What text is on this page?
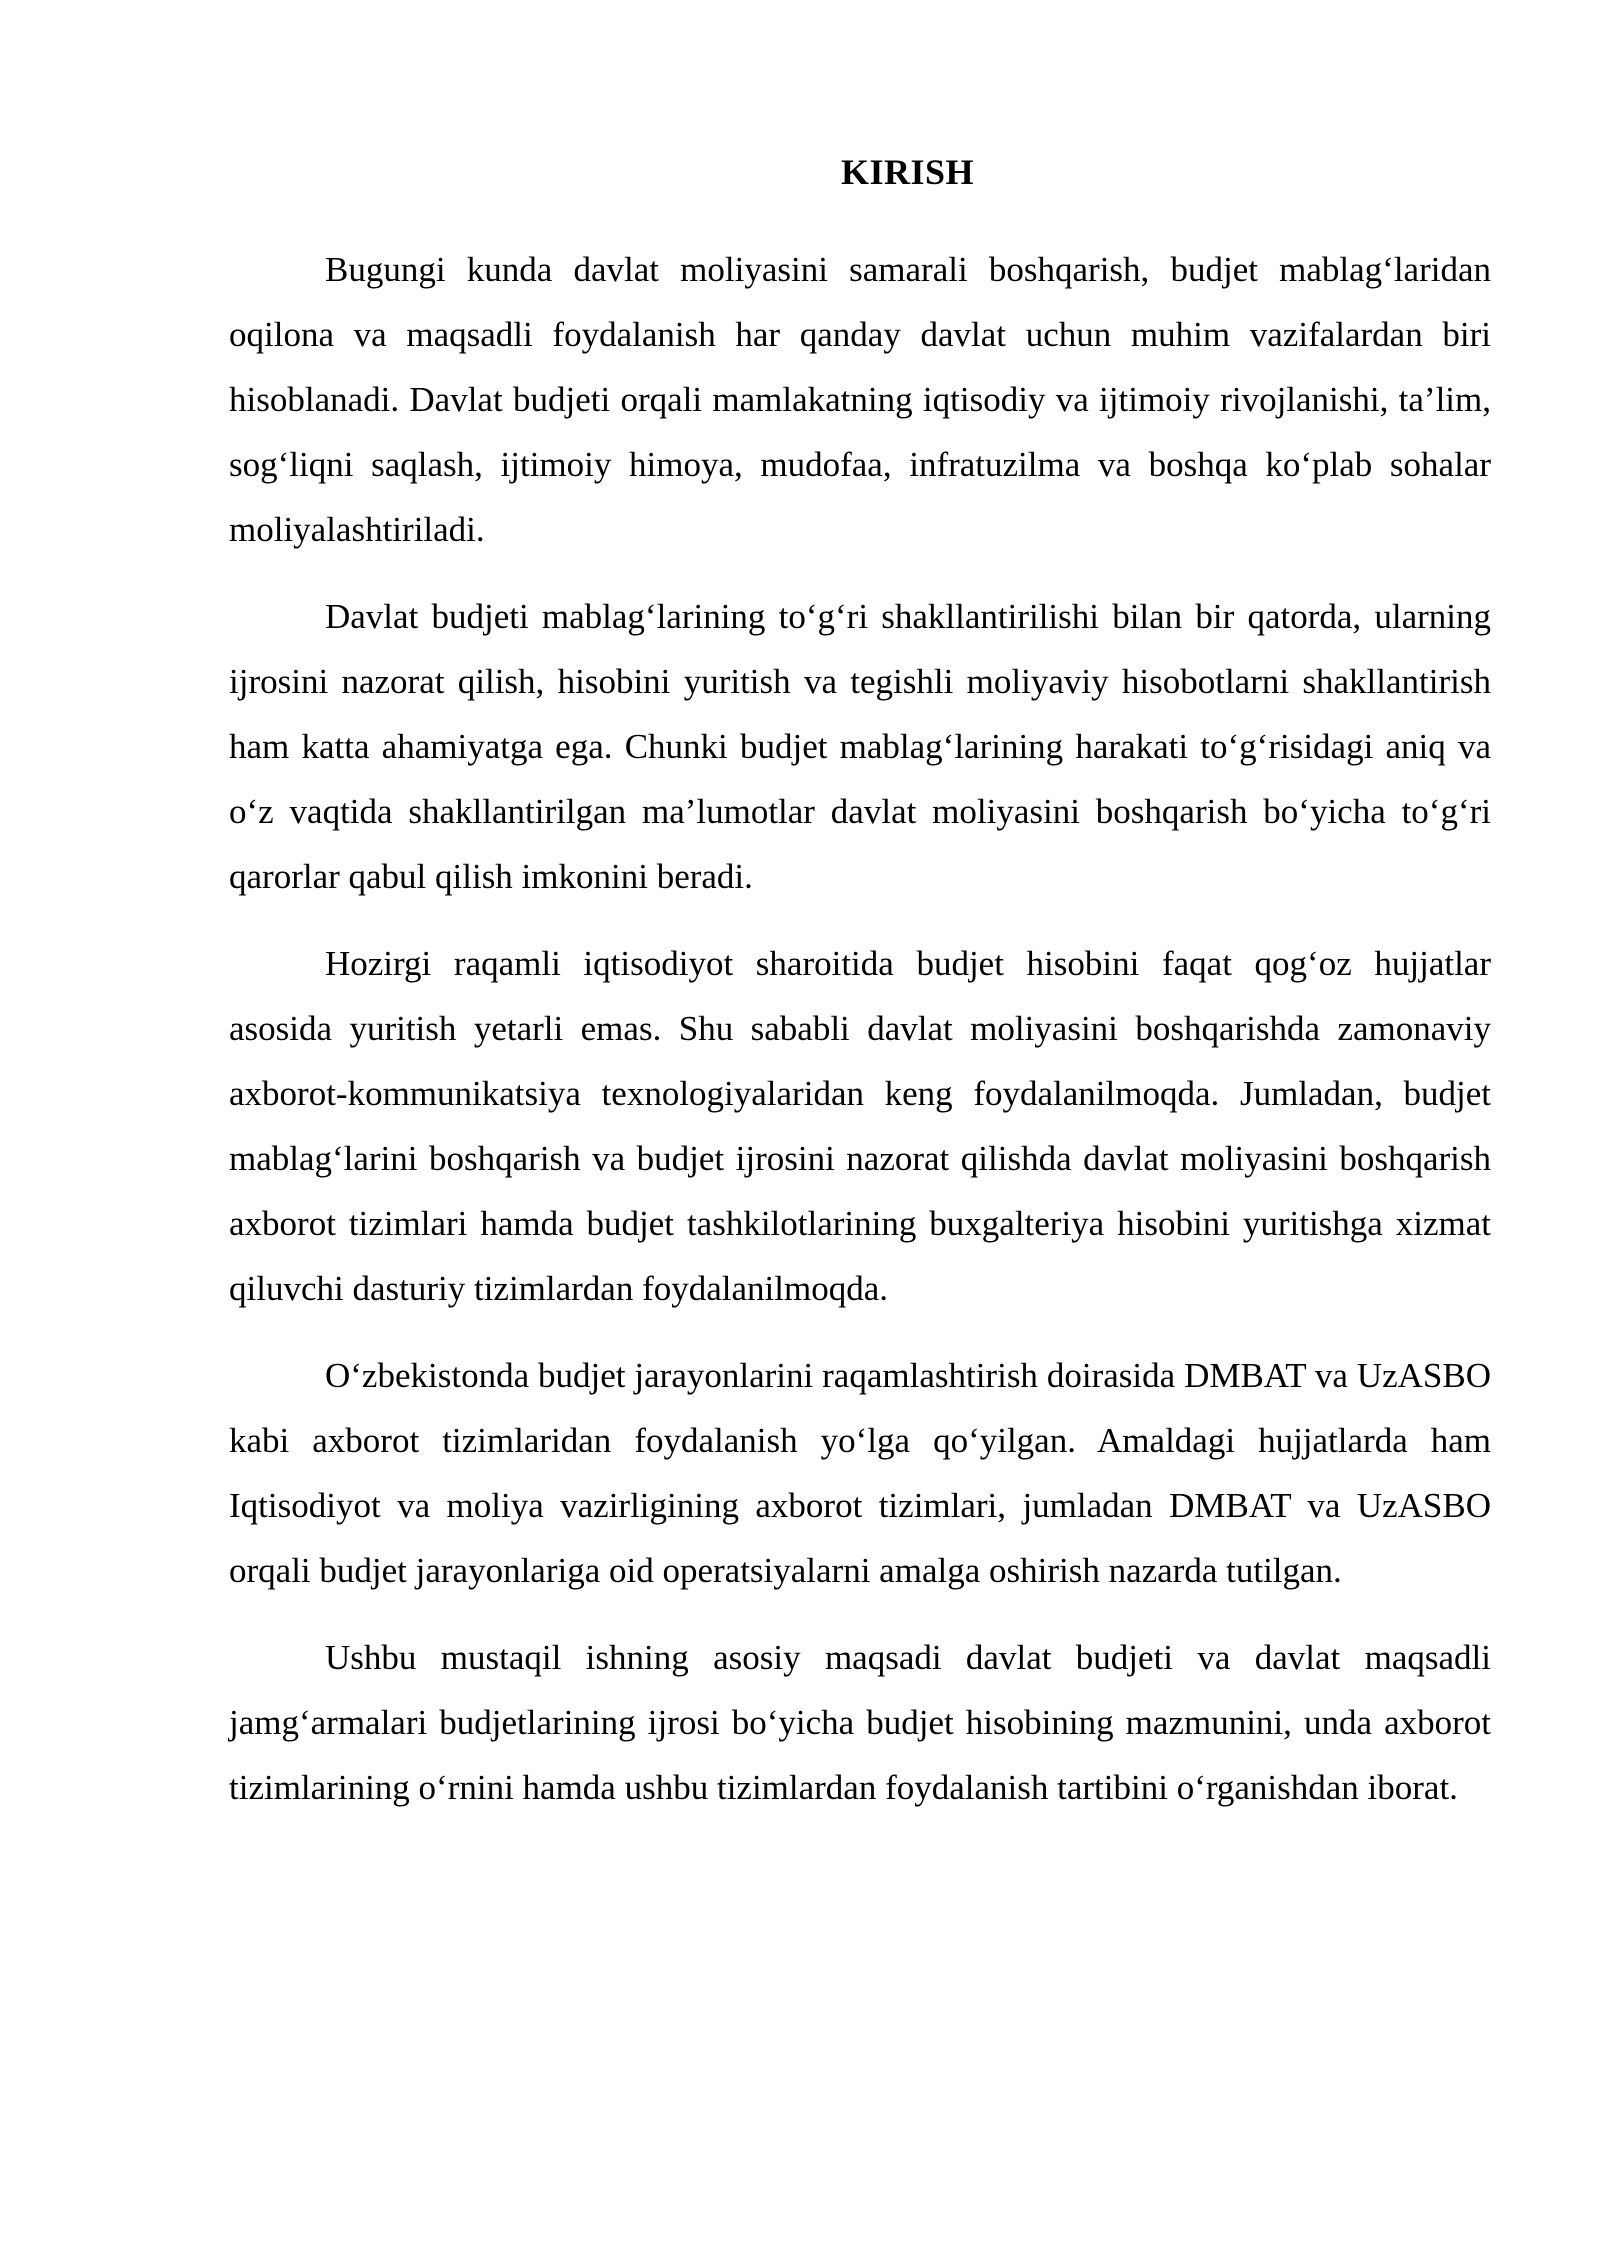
KIRISH

Bugungi kunda davlat moliyasini samarali boshqarish, budjet mablag‘laridan oqilona va maqsadli foydalanish har qanday davlat uchun muhim vazifalardan biri hisoblanadi. Davlat budjeti orqali mamlakatning iqtisodiy va ijtimoiy rivojlanishi, ta’lim, sog‘liqni saqlash, ijtimoiy himoya, mudofaa, infratuzilma va boshqa ko‘plab sohalar moliyalashtiriladi.

Davlat budjeti mablag‘larining to‘g‘ri shakllantirilishi bilan bir qatorda, ularning ijrosini nazorat qilish, hisobini yuritish va tegishli moliyaviy hisobotlarni shakllantirish ham katta ahamiyatga ega. Chunki budjet mablag‘larining harakati to‘g‘risidagi aniq va o‘z vaqtida shakllantirilgan ma’lumotlar davlat moliyasini boshqarish bo‘yicha to‘g‘ri qarorlar qabul qilish imkonini beradi.

Hozirgi raqamli iqtisodiyot sharoitida budjet hisobini faqat qog‘oz hujjatlar asosida yuritish yetarli emas. Shu sababli davlat moliyasini boshqarishda zamonaviy axborot-kommunikatsiya texnologiyalaridan keng foydalanilmoqda. Jumladan, budjet mablag‘larini boshqarish va budjet ijrosini nazorat qilishda davlat moliyasini boshqarish axborot tizimlari hamda budjet tashkilotlarining buxgalteriya hisobini yuritishga xizmat qiluvchi dasturiy tizimlardan foydalanilmoqda.

O‘zbekistonda budjet jarayonlarini raqamlashtirish doirasida DMBAT va UzASBO kabi axborot tizimlaridan foydalanish yo‘lga qo‘yilgan. Amaldagi hujjatlarda ham Iqtisodiyot va moliya vazirligining axborot tizimlari, jumladan DMBAT va UzASBO orqali budjet jarayonlariga oid operatsiyalarni amalga oshirish nazarda tutilgan.

Ushbu mustaqil ishning asosiy maqsadi davlat budjeti va davlat maqsadli jamg‘armalari budjetlarining ijrosi bo‘yicha budjet hisobining mazmunini, unda axborot tizimlarining o‘rnini hamda ushbu tizimlardan foydalanish tartibini o‘rganishdan iborat.
